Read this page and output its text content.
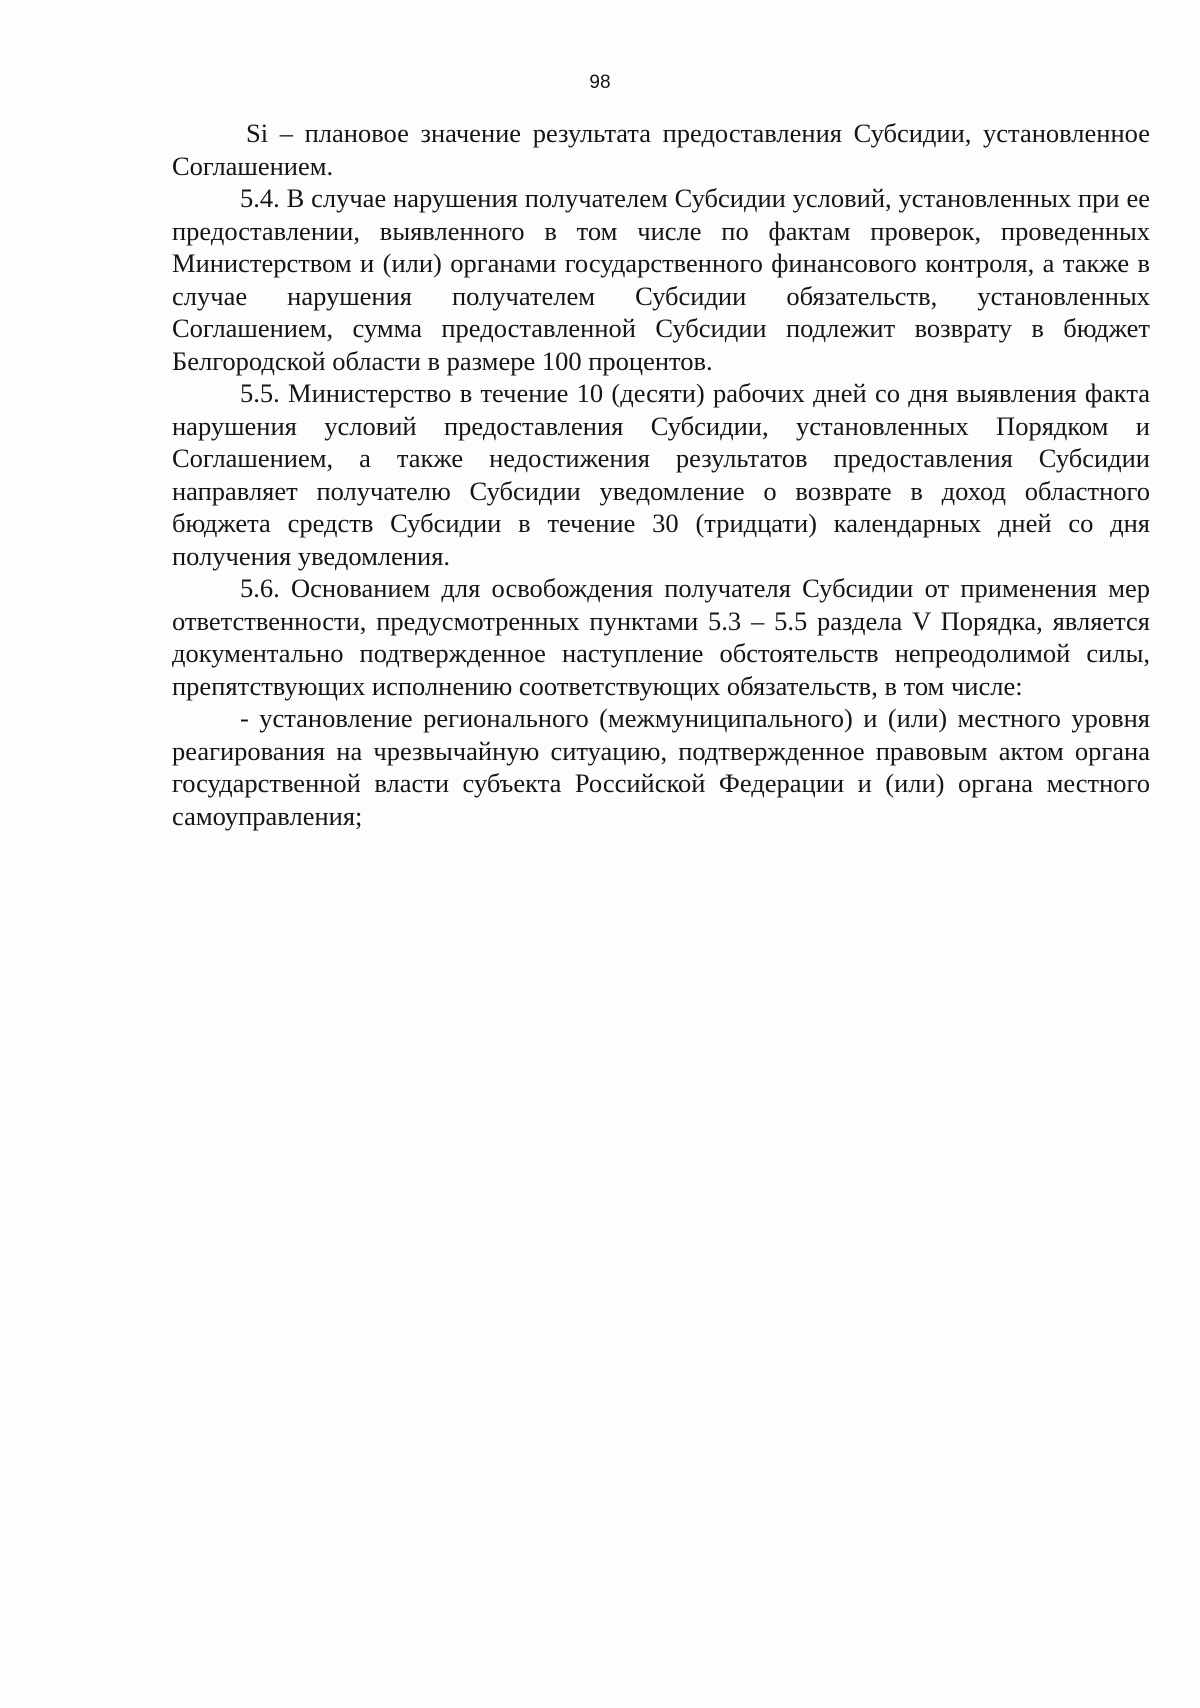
98

Si – плановое значение результата предоставления Субсидии, установленное Соглашением.

5.4. В случае нарушения получателем Субсидии условий, установленных при ее предоставлении, выявленного в том числе по фактам проверок, проведенных Министерством и (или) органами государственного финансового контроля, а также в случае нарушения получателем Субсидии обязательств, установленных Соглашением, сумма предоставленной Субсидии подлежит возврату в бюджет Белгородской области в размере 100 процентов.

5.5. Министерство в течение 10 (десяти) рабочих дней со дня выявления факта нарушения условий предоставления Субсидии, установленных Порядком и Соглашением, а также недостижения результатов предоставления Субсидии направляет получателю Субсидии уведомление о возврате в доход областного бюджета средств Субсидии в течение 30 (тридцати) календарных дней со дня получения уведомления.

5.6. Основанием для освобождения получателя Субсидии от применения мер ответственности, предусмотренных пунктами 5.3 – 5.5 раздела V Порядка, является документально подтвержденное наступление обстоятельств непреодолимой силы, препятствующих исполнению соответствующих обязательств, в том числе:

- установление регионального (межмуниципального) и (или) местного уровня реагирования на чрезвычайную ситуацию, подтвержденное правовым актом органа государственной власти субъекта Российской Федерации и (или) органа местного самоуправления;
